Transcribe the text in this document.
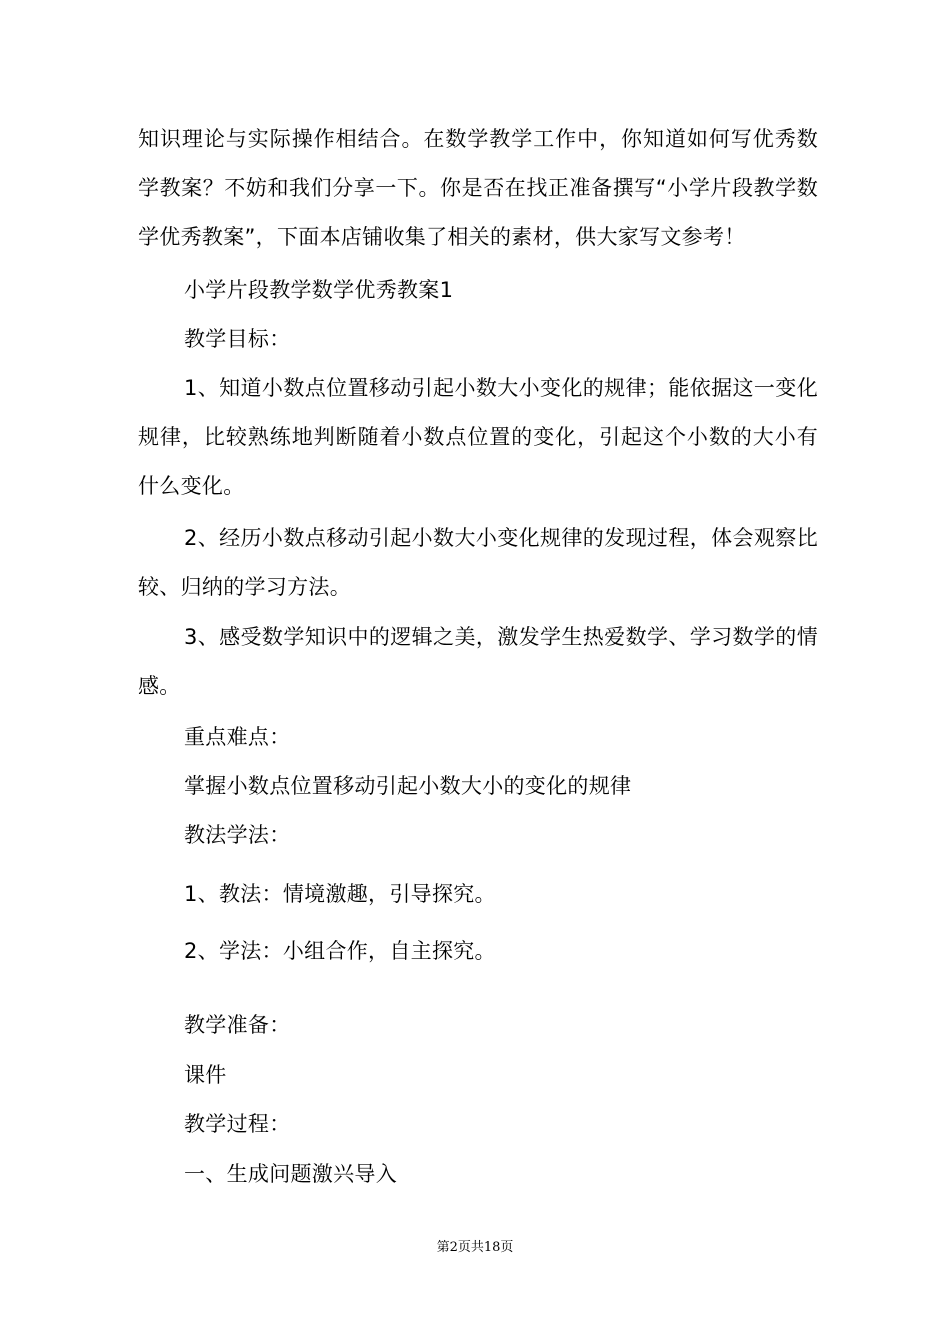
知识理论与实际操作相结合。在数学教学工作中，你知道如何写优秀数学教案？不妨和我们分享一下。你是否在找正准备撰写“小学片段教学数学优秀教案”，下面本店铺收集了相关的素材，供大家写文参考！

小学片段教学数学优秀教案1

教学目标：

1、知道小数点位置移动引起小数大小变化的规律；能依据这一变化规律，比较熟练地判断随着小数点位置的变化，引起这个小数的大小有什么变化。

2、经历小数点移动引起小数大小变化规律的发现过程，体会观察比较、归纳的学习方法。

3、感受数学知识中的逻辑之美，激发学生热爱数学、学习数学的情感。

重点难点：

掌握小数点位置移动引起小数大小的变化的规律

教法学法：

1、教法：情境激趣，引导探究。

2、学法：小组合作，自主探究。

教学准备：

课件

教学过程：

一、生成问题激兴导入

第2页共18页
